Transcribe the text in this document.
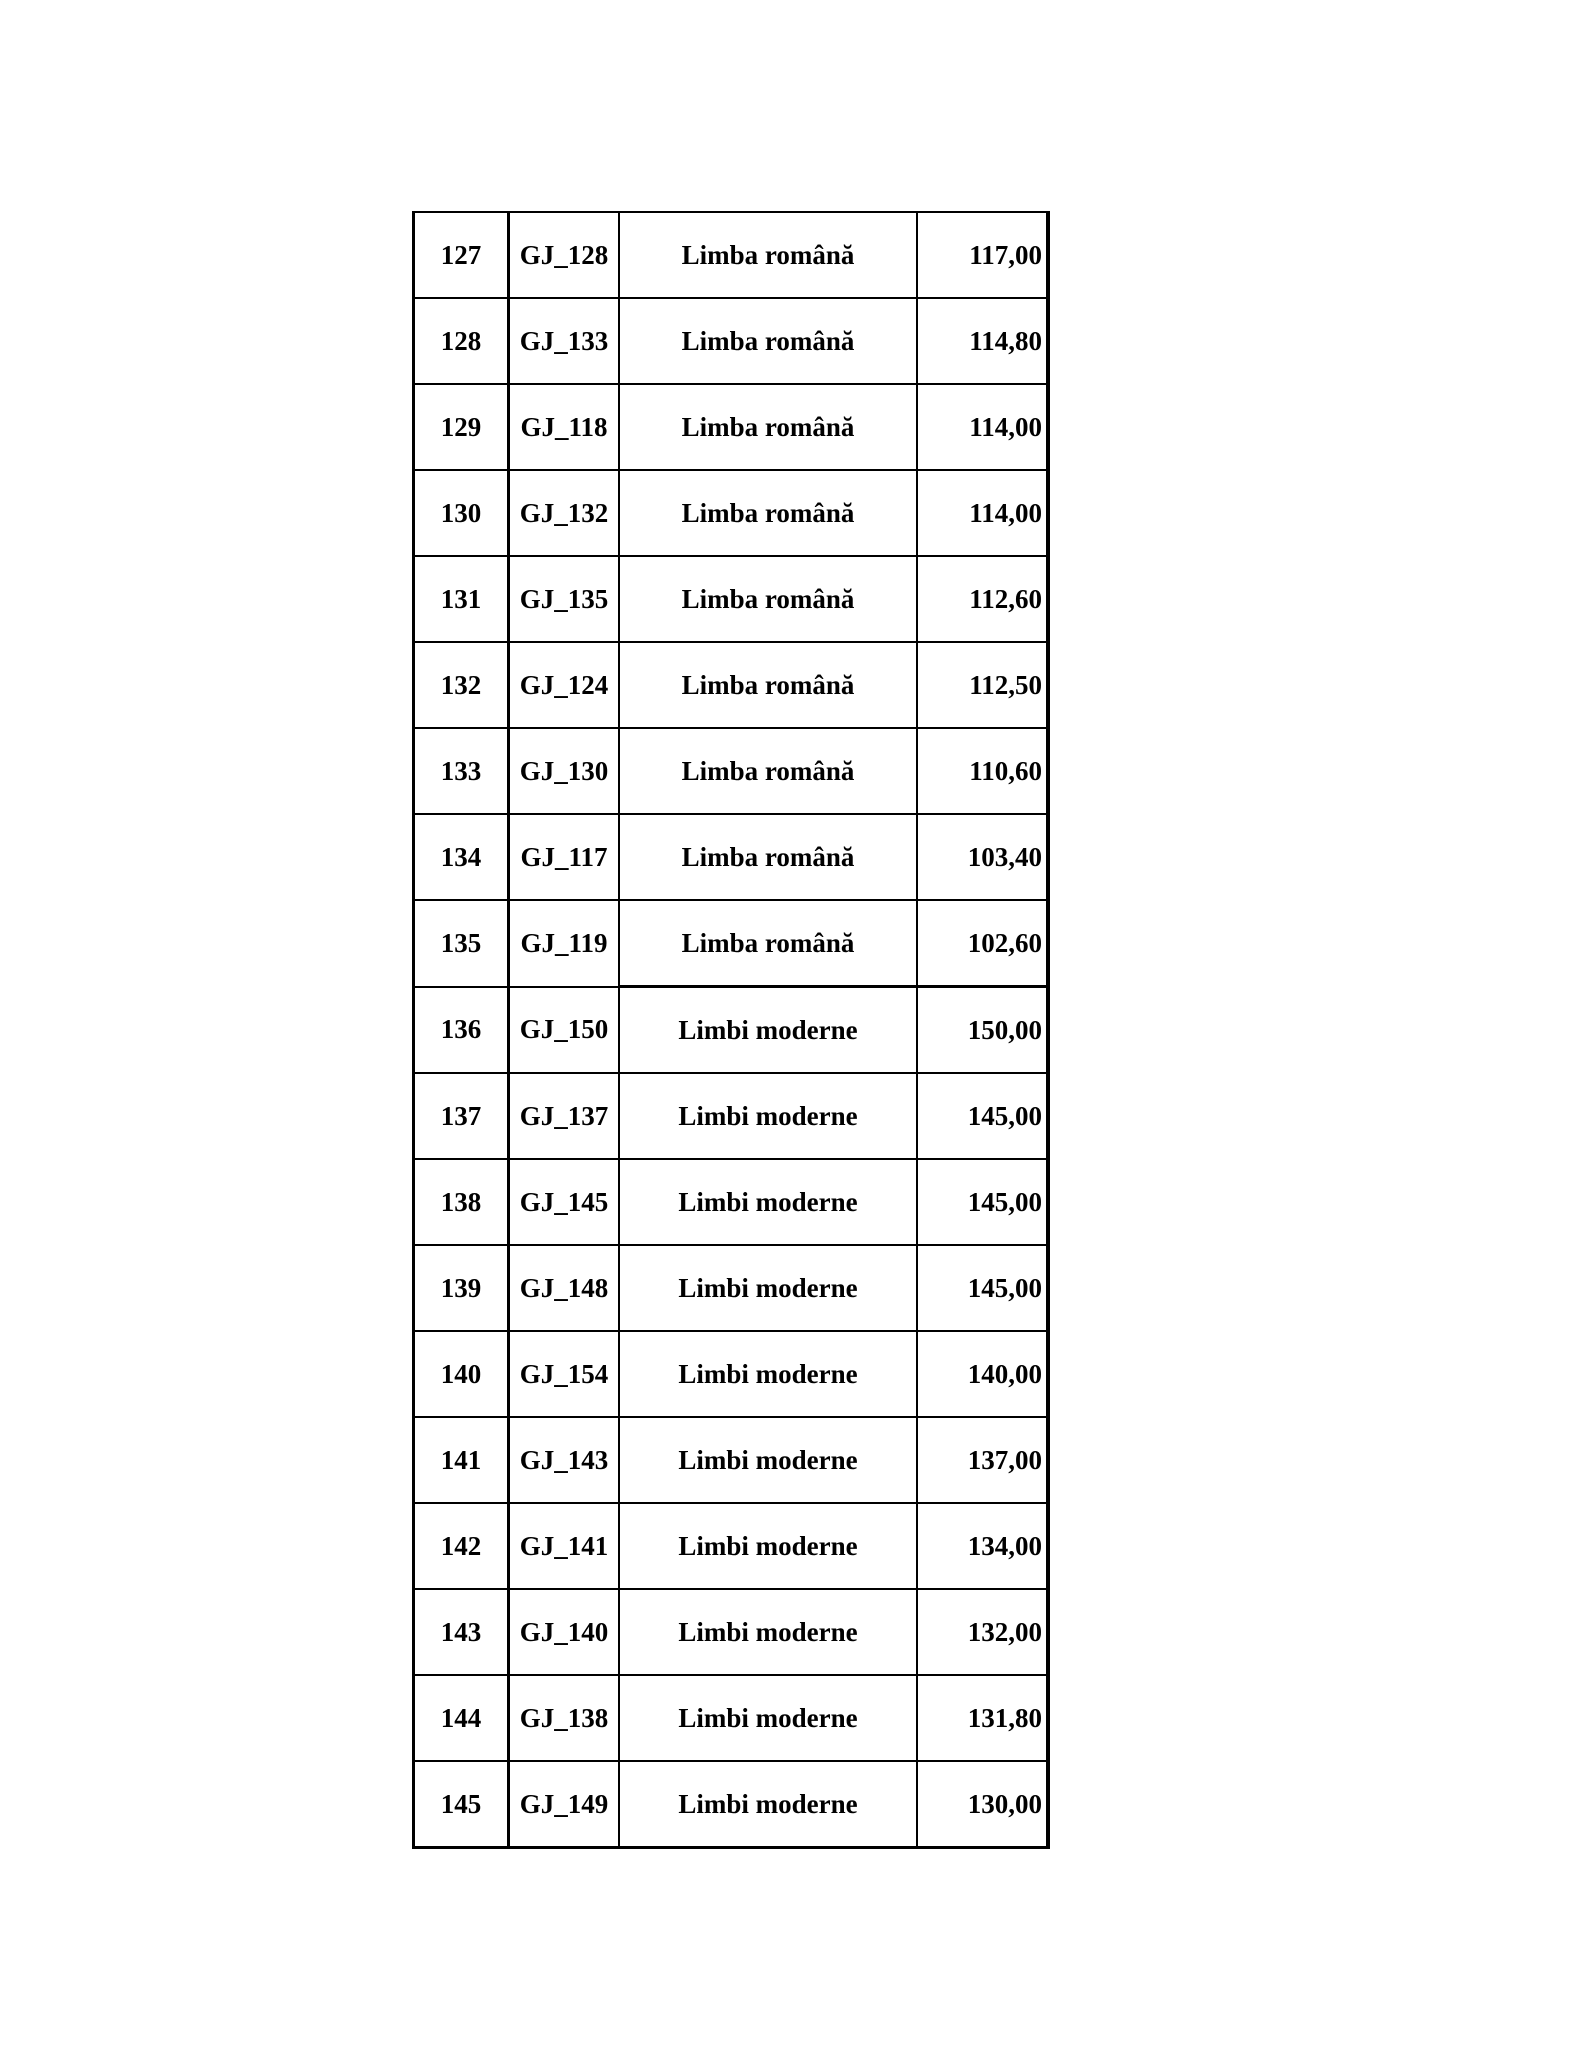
127	GJ_128	Limba română	117,00
128	GJ_133	Limba română	114,80
129	GJ_118	Limba română	114,00
130	GJ_132	Limba română	114,00
131	GJ_135	Limba română	112,60
132	GJ_124	Limba română	112,50
133	GJ_130	Limba română	110,60
134	GJ_117	Limba română	103,40
135	GJ_119	Limba română	102,60
136	GJ_150	Limbi moderne	150,00
137	GJ_137	Limbi moderne	145,00
138	GJ_145	Limbi moderne	145,00
139	GJ_148	Limbi moderne	145,00
140	GJ_154	Limbi moderne	140,00
141	GJ_143	Limbi moderne	137,00
142	GJ_141	Limbi moderne	134,00
143	GJ_140	Limbi moderne	132,00
144	GJ_138	Limbi moderne	131,80
145	GJ_149	Limbi moderne	130,00
